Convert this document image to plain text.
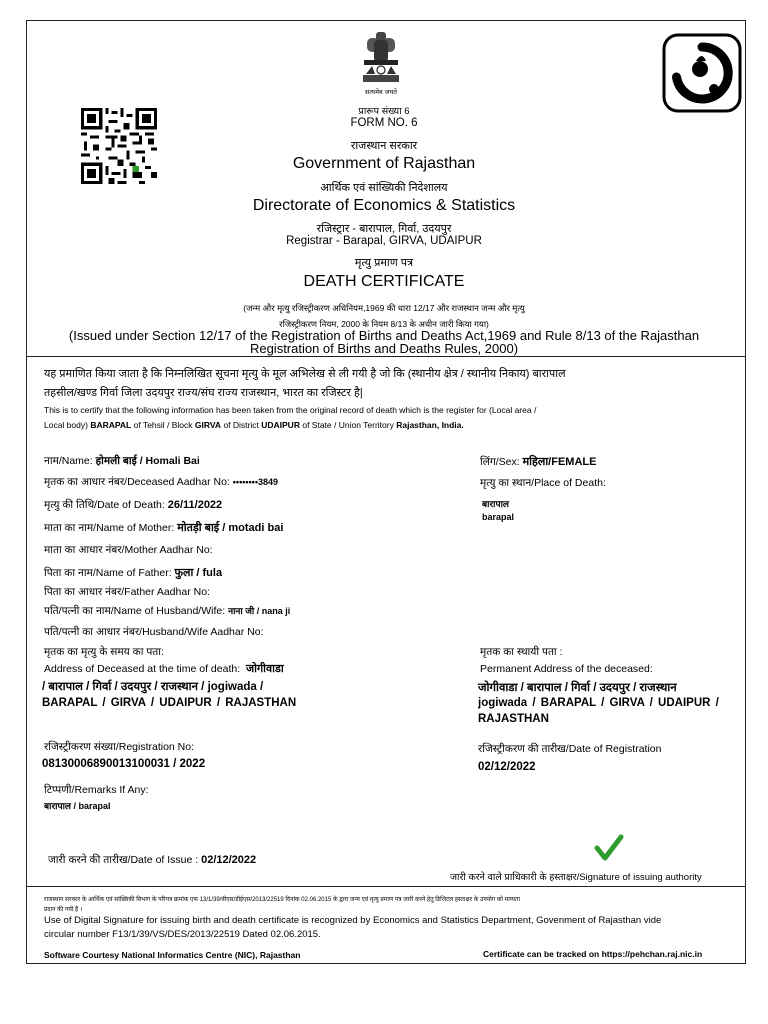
सत्यमेव जयते
प्रारूप संख्या 6
FORM NO. 6
राजस्थान सरकार
Government of Rajasthan
आर्थिक एवं सांख्यिकी निदेशालय
Directorate of Economics & Statistics
रजिस्ट्रार - बारापाल, गिर्वा, उदयपुर
Registrar - Barapal, GIRVA, UDAIPUR
मृत्यु प्रमाण पत्र
DEATH CERTIFICATE
(जन्म और मृत्यु रजिस्ट्रीकरण अधिनियम,1969 की धारा 12/17 और राजस्थान जन्म और मृत्यु
रजिस्ट्रीकरण नियम, 2000 के नियम 8/13 के अधीन जारी किया गया)
(Issued under Section 12/17 of the Registration of Births and Deaths Act,1969 and Rule 8/13 of the Rajasthan
Registration of Births and Deaths Rules, 2000)
यह प्रमाणित किया जाता है कि निम्नलिखित सूचना मृत्यु के मूल अभिलेख से ली गयी है जो कि (स्थानीय क्षेत्र / स्थानीय निकाय) बारापाल
तहसील/खण्ड गिर्वा जिला उदयपुर राज्य/संघ राज्य राजस्थान, भारत का रजिस्टर है|
This is to certify that the following information has been taken from the original record of death which is the register for (Local area /
Local body) BARAPAL of Tehsil / Block GIRVA of District UDAIPUR of State / Union Territory Rajasthan, India.
नाम/Name: होमली बाई / Homali Bai
मृतक का आधार नंबर/Deceased Aadhar No: ••••••••3849
मृत्यु की तिथि/Date of Death: 26/11/2022
माता का नाम/Name of Mother: मोतड़ी बाई / motadi bai
माता का आधार नंबर/Mother Aadhar No:
पिता का नाम/Name of Father: फुला / fula
पिता का आधार नंबर/Father Aadhar No:
पति/पत्नी का नाम/Name of Husband/Wife: नाना जी / nana ji
पति/पत्नी का आधार नंबर/Husband/Wife Aadhar No:
मृतक का मृत्यु के समय का पता:
Address of Deceased at the time of death: जोगीवाडा
/ बारापाल / गिर्वा / उदयपुर / राजस्थान / jogiwada /
BARAPAL / GIRVA / UDAIPUR / RAJASTHAN
लिंग/Sex: महिला/FEMALE
मृत्यु का स्थान/Place of Death:
बारापाल
barapal
मृतक का स्थायी पता :
Permanent Address of the deceased:
जोगीवाडा / बारापाल / गिर्वा / उदयपुर / राजस्थान
jogiwada / BARAPAL / GIRVA / UDAIPUR /
RAJASTHAN
रजिस्ट्रीकरण संख्या/Registration No:
08130006890013100031 / 2022
रजिस्ट्रीकरण की तारीख/Date of Registration
02/12/2022
टिप्पणी/Remarks If Any:
बारापाल / barapal
जारी करने की तारीख/Date of Issue : 02/12/2022
जारी करने वाले प्राधिकारी के हस्ताक्षर/Signature of issuing authority
राजस्थान सरकार के आर्थिक एवं सांख्यिकी विभाग के परिपत्र क्रमांक एफ 13/1/39/वीएस/डीईएस/2013/22519 दिनांक 02.06.2015 के द्वारा जन्म एवं मृत्यु प्रमाण पत्र जारी करने हेतु डिजिटल हस्ताक्षर के उपयोग को मान्यता
प्रदान की गयी है ।
Use of Digital Signature for issuing birth and death certificate is recognized by Economics and Statistics Department, Govenment of Rajasthan vide
circular number F13/1/39/VS/DES/2013/22519 Dated 02.06.2015.
Software Courtesy National Informatics Centre (NIC), Rajasthan	Certificate can be tracked on https://pehchan.raj.nic.in
